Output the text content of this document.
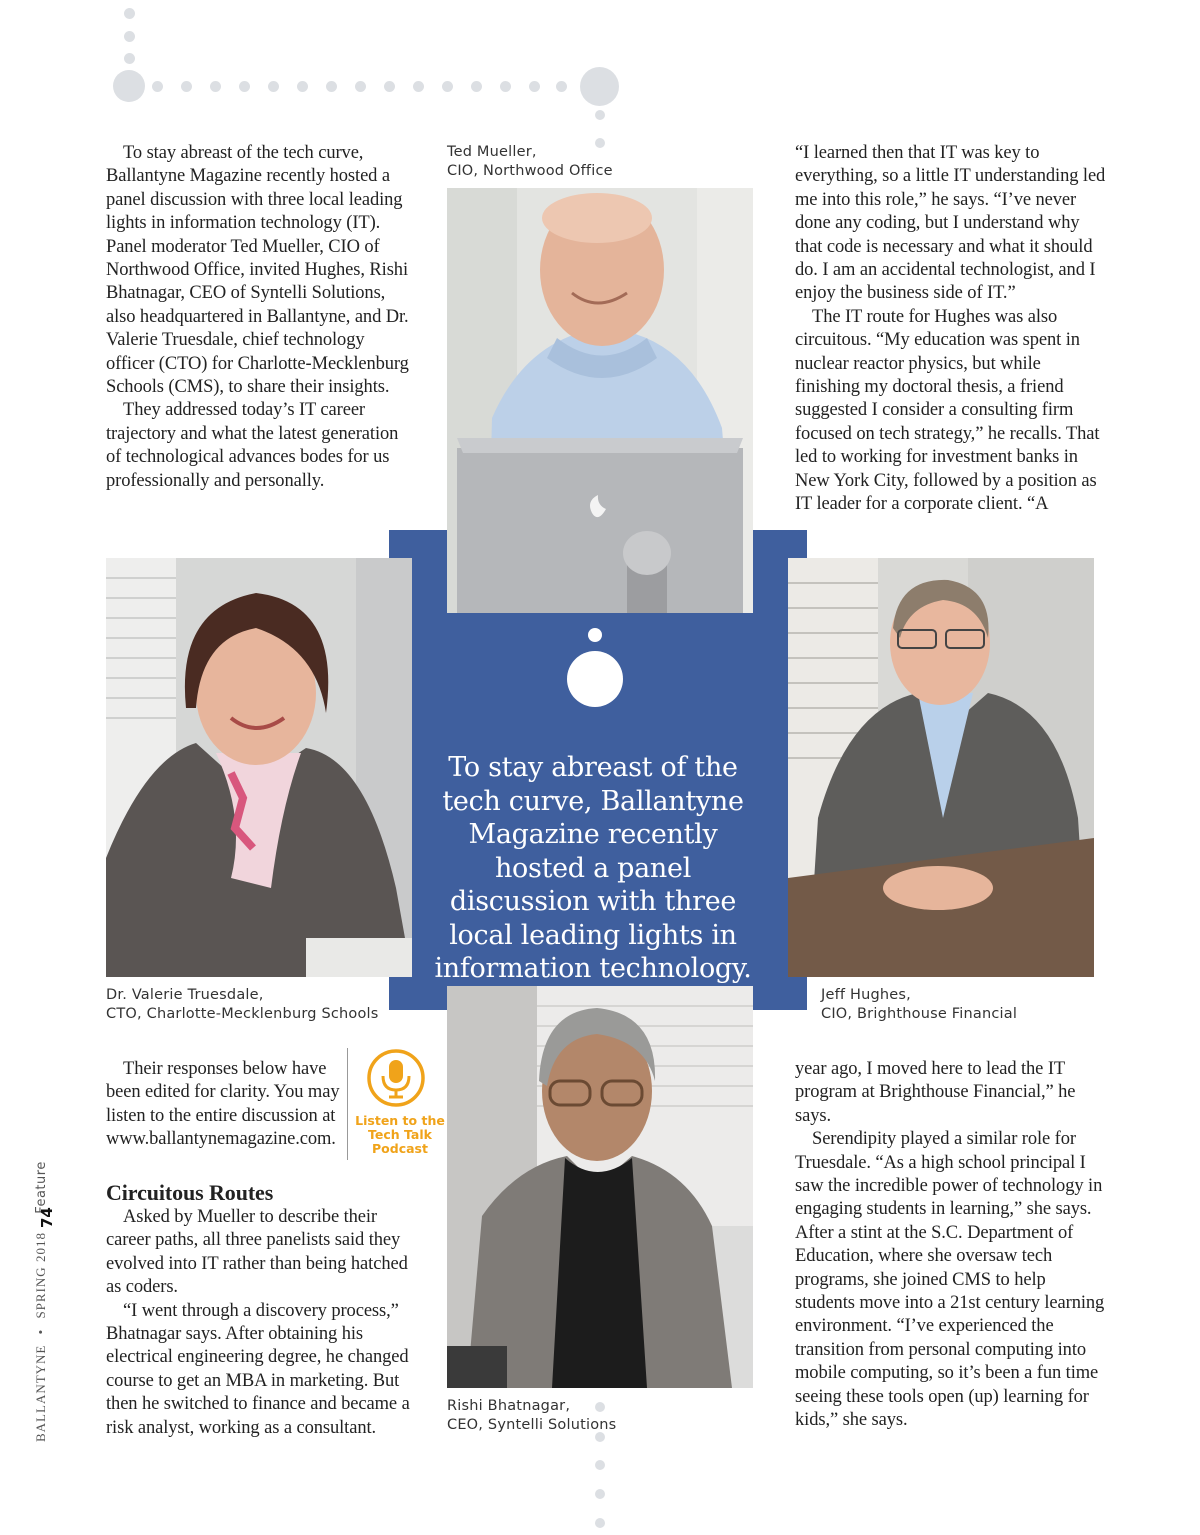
BALLANTYNE • SPRING 2018 Feature
74

To stay abreast of the tech curve, Ballantyne Magazine recently hosted a panel discussion with three local leading lights in information technology (IT). Panel moderator Ted Mueller, CIO of Northwood Office, invited Hughes, Rishi Bhatnagar, CEO of Syntelli Solutions, also headquartered in Ballantyne, and Dr. Valerie Truesdale, chief technology officer (CTO) for Charlotte-Mecklenburg Schools (CMS), to share their insights.

They addressed today’s IT career trajectory and what the latest generation of technological advances bodes for us professionally and personally.

“I learned then that IT was key to everything, so a little IT understanding led me into this role,” he says. “I’ve never done any coding, but I understand why that code is necessary and what it should do. I am an accidental technologist, and I enjoy the business side of IT.”

The IT route for Hughes was also circuitous. “My education was spent in nuclear reactor physics, but while finishing my doctoral thesis, a friend suggested I consider a consulting firm focused on tech strategy,” he recalls. That led to working for investment banks in New York City, followed by a position as IT leader for a corporate client. “A

Ted Mueller,
CIO, Northwood Office
Dr. Valerie Truesdale,
CTO, Charlotte-Mecklenburg Schools
Jeff Hughes,
CIO, Brighthouse Financial
Rishi Bhatnagar,
CEO, Syntelli Solutions
To stay abreast of the tech curve, Ballantyne Magazine recently hosted a panel discussion with three local leading lights in information technology.

Their responses below have been edited for clarity. You may listen to the entire discussion at www.ballantynemagazine.com.

Listen to the Tech Talk Podcast
Circuitous Routes

Asked by Mueller to describe their career paths, all three panelists said they evolved into IT rather than being hatched as coders.

“I went through a discovery process,” Bhatnagar says. After obtaining his electrical engineering degree, he changed course to get an MBA in marketing. But then he switched to finance and became a risk analyst, working as a consultant.

year ago, I moved here to lead the IT program at Brighthouse Financial,” he says.

Serendipity played a similar role for Truesdale. “As a high school principal I saw the incredible power of technology in engaging students in learning,” she says. After a stint at the S.C. Department of Education, where she oversaw tech programs, she joined CMS to help students move into a 21st century learning environment. “I’ve experienced the transition from personal computing into mobile computing, so it’s been a fun time seeing these tools open (up) learning for kids,” she says.
